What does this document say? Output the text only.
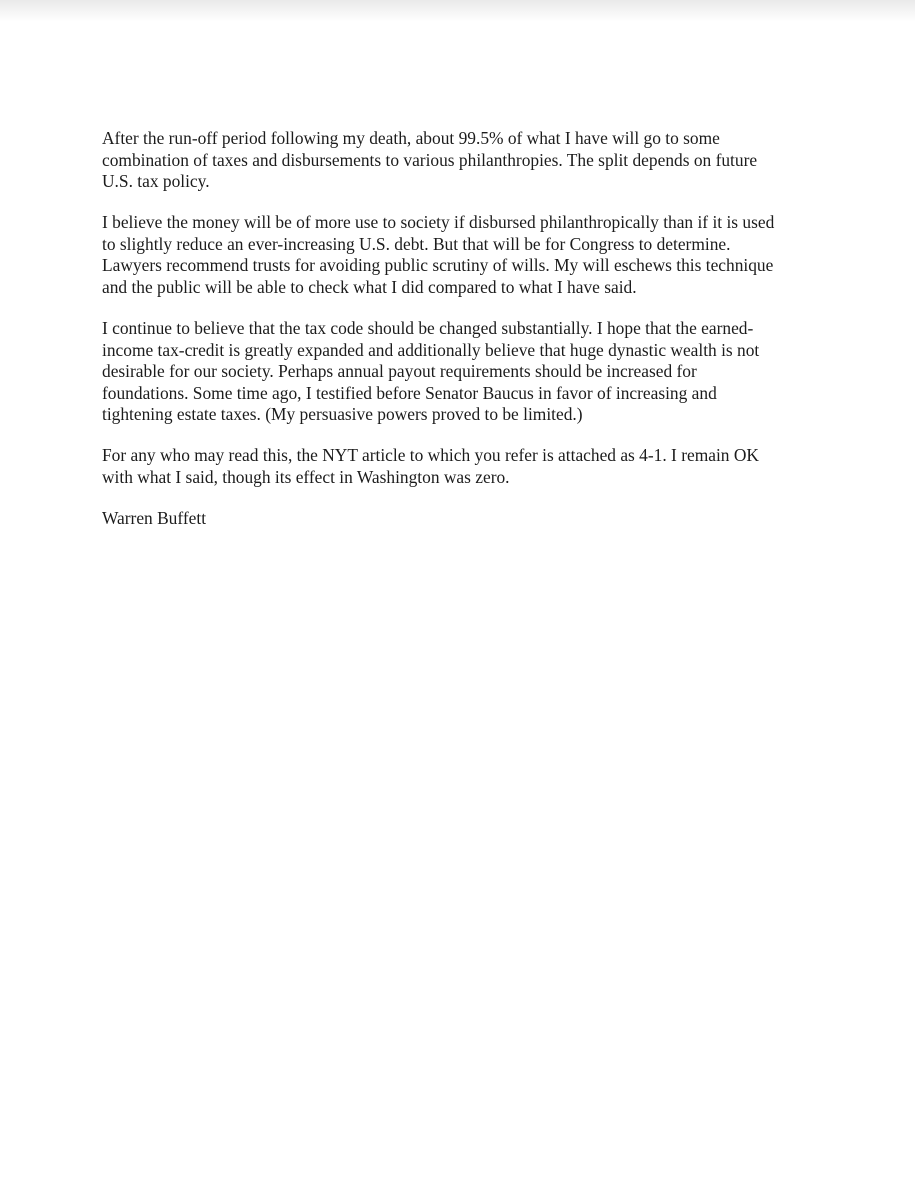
After the run-off period following my death, about 99.5% of what I have will go to some
combination of taxes and disbursements to various philanthropies. The split depends on future
U.S. tax policy.

I believe the money will be of more use to society if disbursed philanthropically than if it is used
to slightly reduce an ever-increasing U.S. debt. But that will be for Congress to determine.
Lawyers recommend trusts for avoiding public scrutiny of wills. My will eschews this technique
and the public will be able to check what I did compared to what I have said.

I continue to believe that the tax code should be changed substantially. I hope that the earned-
income tax-credit is greatly expanded and additionally believe that huge dynastic wealth is not
desirable for our society. Perhaps annual payout requirements should be increased for
foundations. Some time ago, I testified before Senator Baucus in favor of increasing and
tightening estate taxes. (My persuasive powers proved to be limited.)

For any who may read this, the NYT article to which you refer is attached as 4-1. I remain OK
with what I said, though its effect in Washington was zero.

Warren Buffett
